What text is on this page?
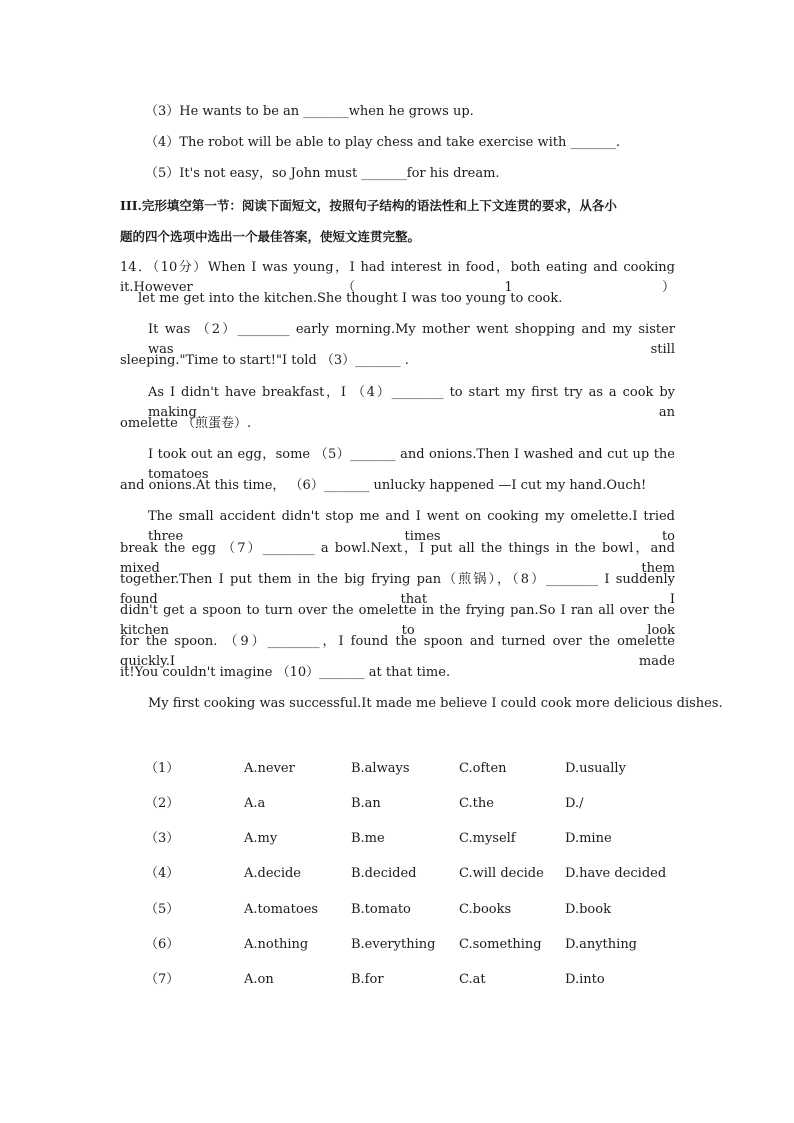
（3）He wants to be an _______when he grows up.
（4）The robot will be able to play chess and take exercise with _______.
（5）It's not easy，so John must _______for his dream.
III.完形填空第一节：阅读下面短文，按照句子结构的语法性和上下文连贯的要求，从各小
题的四个选项中选出一个最佳答案，使短文连贯完整。
14．（10分）When I was young，I had interest in food，both eating and cooking it.However（1）
let me get into the kitchen.She thought I was too young to cook.
It was （2）________ early morning.My mother went shopping and my sister was still
sleeping."Time to start!"I told （3）_______ .
As I didn't have breakfast，I （4）________ to start my first try as a cook by making an
omelette （煎蛋卷）.
I took out an egg，some （5）_______ and onions.Then I washed and cut up the tomatoes
and onions.At this time， （6）_______ unlucky happened —I cut my hand.Ouch!
The small accident didn't stop me and I went on cooking my omelette.I tried three times to
break the egg （7）________ a bowl.Next，I put all the things in the bowl，and mixed them
together.Then I put them in the big frying pan（煎锅），（8）________ I suddenly found that I
didn't get a spoon to turn over the omelette in the frying pan.So I ran all over the kitchen to look
for the spoon. （9）________，I found the spoon and turned over the omelette quickly.I made
it!You couldn't imagine （10）_______ at that time.
My first cooking was successful.It made me believe I could cook more delicious dishes.
（1）	A.never	B.always	C.often	D.usually
（2）	A.a	B.an	C.the	D./
（3）	A.my	B.me	C.myself	D.mine
（4）	A.decide	B.decided	C.will decide D.have decided
（5）	A.tomatoes	B.tomato	C.books	D.book
（6）	A.nothing	B.everything C.something D.anything
（7）	A.on	B.for	C.at	D.into
